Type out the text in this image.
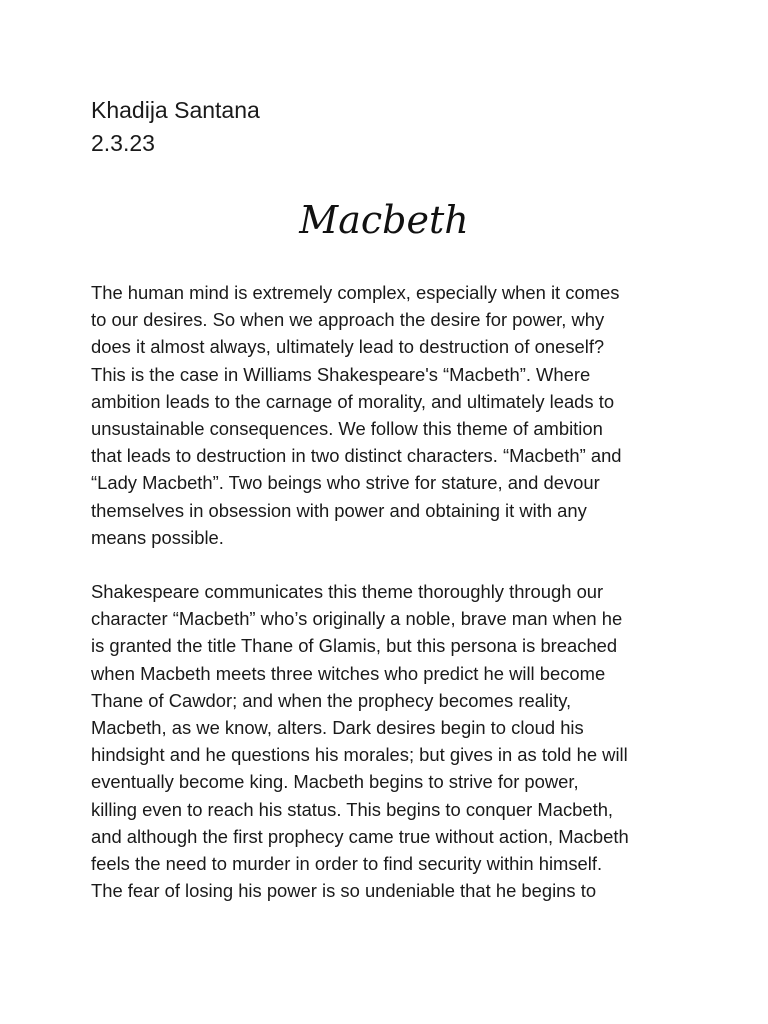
Khadija Santana
2.3.23
Macbeth
The human mind is extremely complex, especially when it comes
to our desires. So when we approach the desire for power, why
does it almost always, ultimately lead to destruction of oneself?
This is the case in Williams Shakespeare's “Macbeth”. Where
ambition leads to the carnage of morality, and ultimately leads to
unsustainable consequences. We follow this theme of ambition
that leads to destruction in two distinct characters. “Macbeth” and
“Lady Macbeth”. Two beings who strive for stature, and devour
themselves in obsession with power and obtaining it with any
means possible.
Shakespeare communicates this theme thoroughly through our
character “Macbeth” who’s originally a noble, brave man when he
is granted the title Thane of Glamis, but this persona is breached
when Macbeth meets three witches who predict he will become
Thane of Cawdor; and when the prophecy becomes reality,
Macbeth, as we know, alters. Dark desires begin to cloud his
hindsight and he questions his morales; but gives in as told he will
eventually become king. Macbeth begins to strive for power,
killing even to reach his status. This begins to conquer Macbeth,
and although the first prophecy came true without action, Macbeth
feels the need to murder in order to find security within himself.
The fear of losing his power is so undeniable that he begins to
